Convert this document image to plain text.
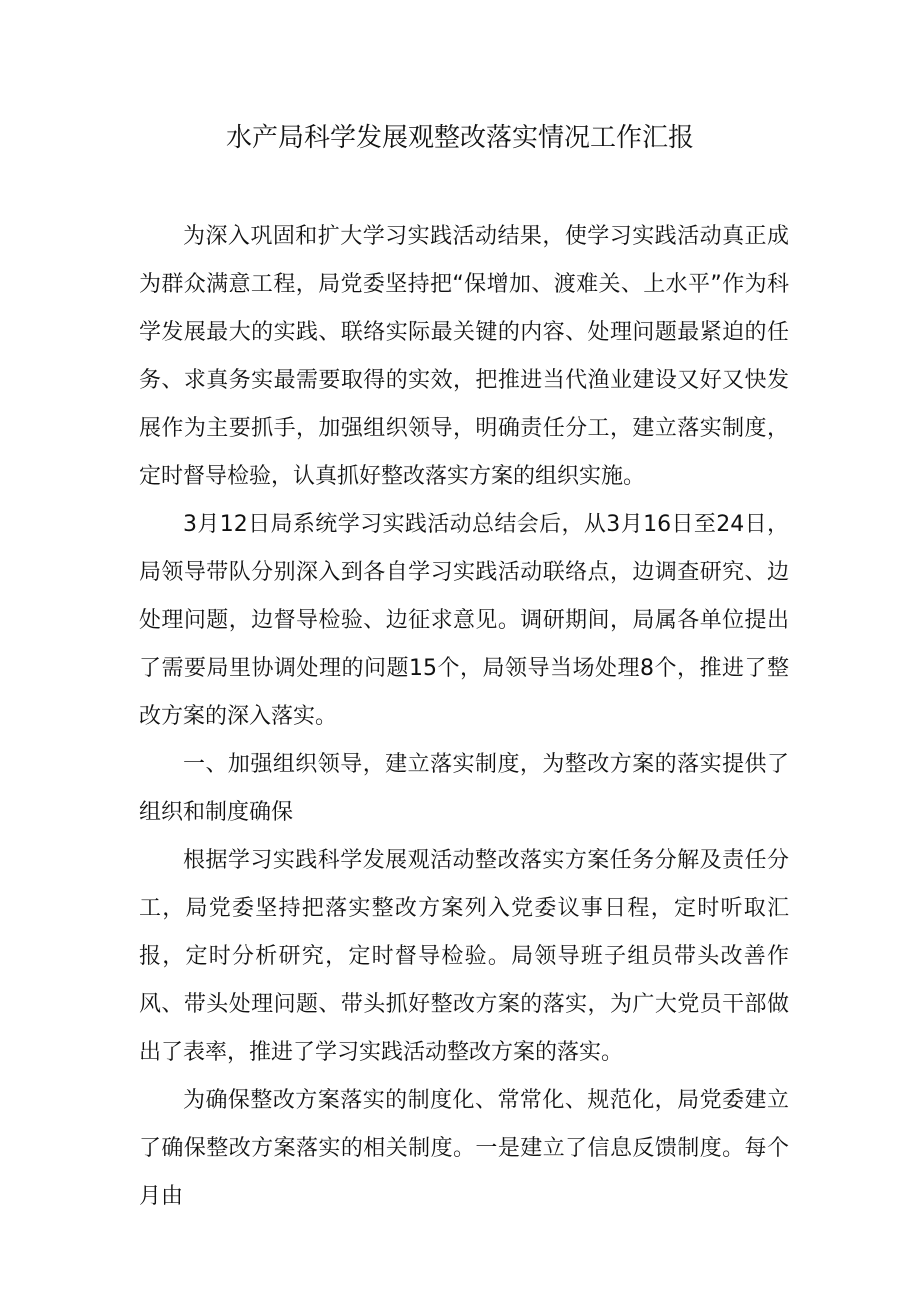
水产局科学发展观整改落实情况工作汇报

为深入巩固和扩大学习实践活动结果，使学习实践活动真正成为群众满意工程，局党委坚持把“保增加、渡难关、上水平”作为科学发展最大的实践、联络实际最关键的内容、处理问题最紧迫的任务、求真务实最需要取得的实效，把推进当代渔业建设又好又快发展作为主要抓手，加强组织领导，明确责任分工，建立落实制度，定时督导检验，认真抓好整改落实方案的组织实施。

3月12日局系统学习实践活动总结会后，从3月16日至24日，局领导带队分别深入到各自学习实践活动联络点，边调查研究、边处理问题，边督导检验、边征求意见。调研期间，局属各单位提出了需要局里协调处理的问题15个，局领导当场处理8个，推进了整改方案的深入落实。

一、加强组织领导，建立落实制度，为整改方案的落实提供了组织和制度确保

根据学习实践科学发展观活动整改落实方案任务分解及责任分工，局党委坚持把落实整改方案列入党委议事日程，定时听取汇报，定时分析研究，定时督导检验。局领导班子组员带头改善作风、带头处理问题、带头抓好整改方案的落实，为广大党员干部做出了表率，推进了学习实践活动整改方案的落实。

为确保整改方案落实的制度化、常常化、规范化，局党委建立了确保整改方案落实的相关制度。一是建立了信息反馈制度。每个月由
